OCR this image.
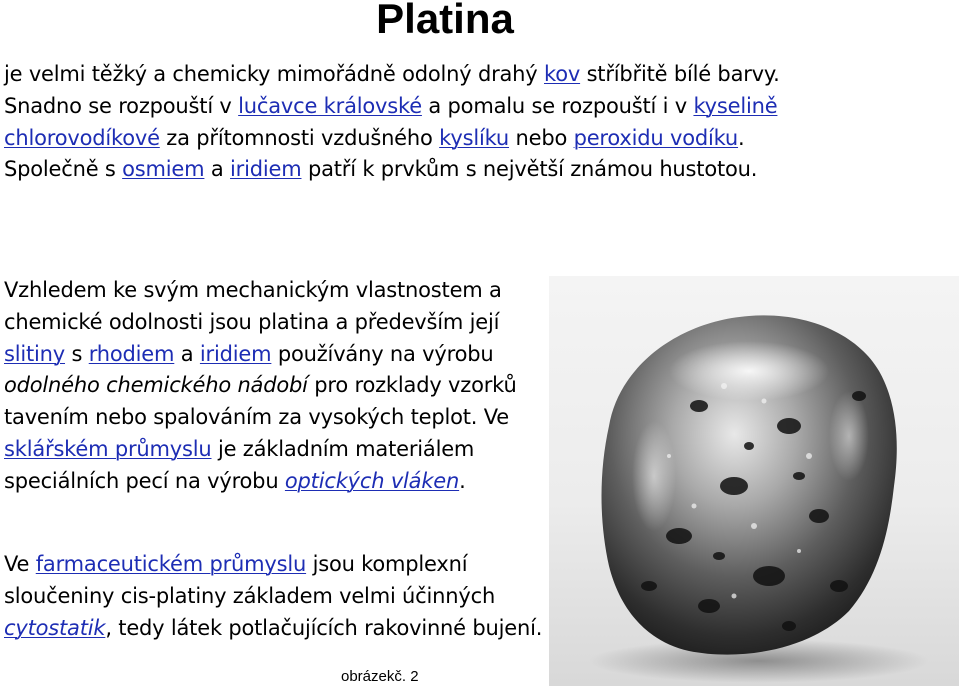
Platina

je velmi těžký a chemicky mimořádně odolný drahý kov stříbřitě bílé barvy.
Snadno se rozpouští v lučavce královské a pomalu se rozpouští i v kyselině chlorovodíkové za přítomnosti vzdušného kyslíku nebo peroxidu vodíku. Společně s osmiem a iridiem patří k prvkům s největší známou hustotou.

Vzhledem ke svým mechanickým vlastnostem a chemické odolnosti jsou platina a především její slitiny s rhodiem a iridiem používány na výrobu odolného chemického nádobí pro rozklady vzorků tavením nebo spalováním za vysokých teplot. Ve sklářském průmyslu je základním materiálem speciálních pecí na výrobu optických vláken.

Ve farmaceutickém průmyslu jsou komplexní sloučeniny cis-platiny základem velmi účinných cytostatik, tedy látek potlačujících rakovinné bujení.

obrázekč. 2
